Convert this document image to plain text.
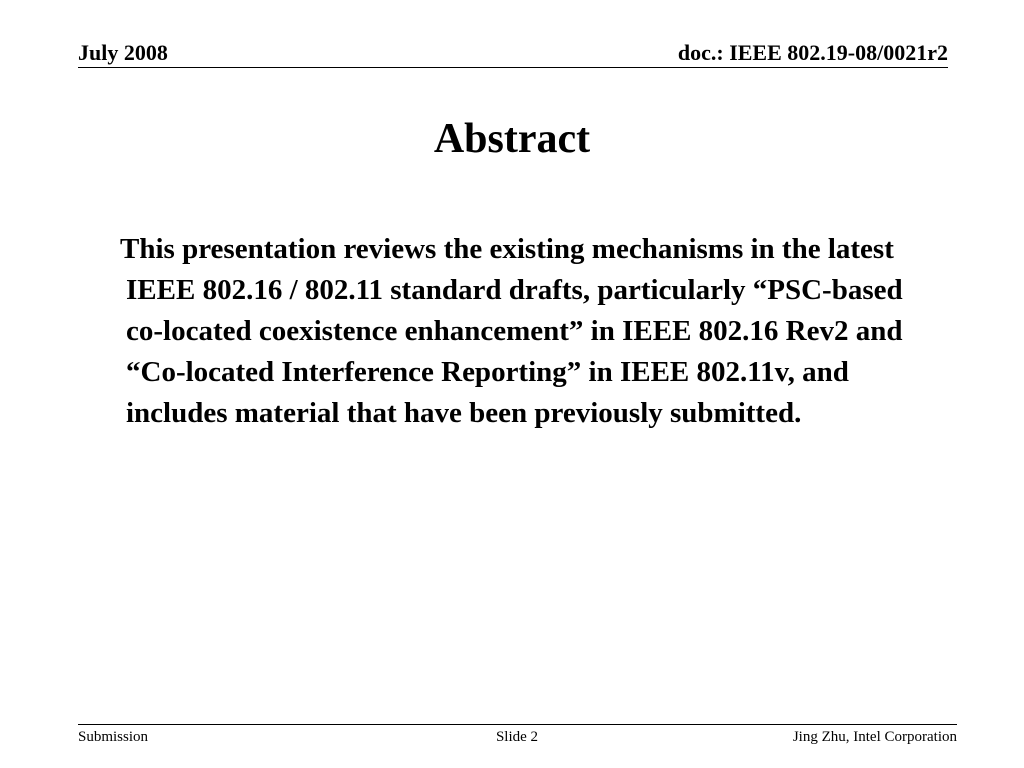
July 2008	doc.: IEEE 802.19-08/0021r2
Abstract
This presentation reviews the existing mechanisms in the latest IEEE 802.16 / 802.11 standard drafts, particularly “PSC-based co-located coexistence enhancement” in IEEE 802.16 Rev2 and “Co-located Interference Reporting” in IEEE 802.11v, and includes material that have been previously submitted.
Submission	Slide 2	Jing Zhu, Intel Corporation
